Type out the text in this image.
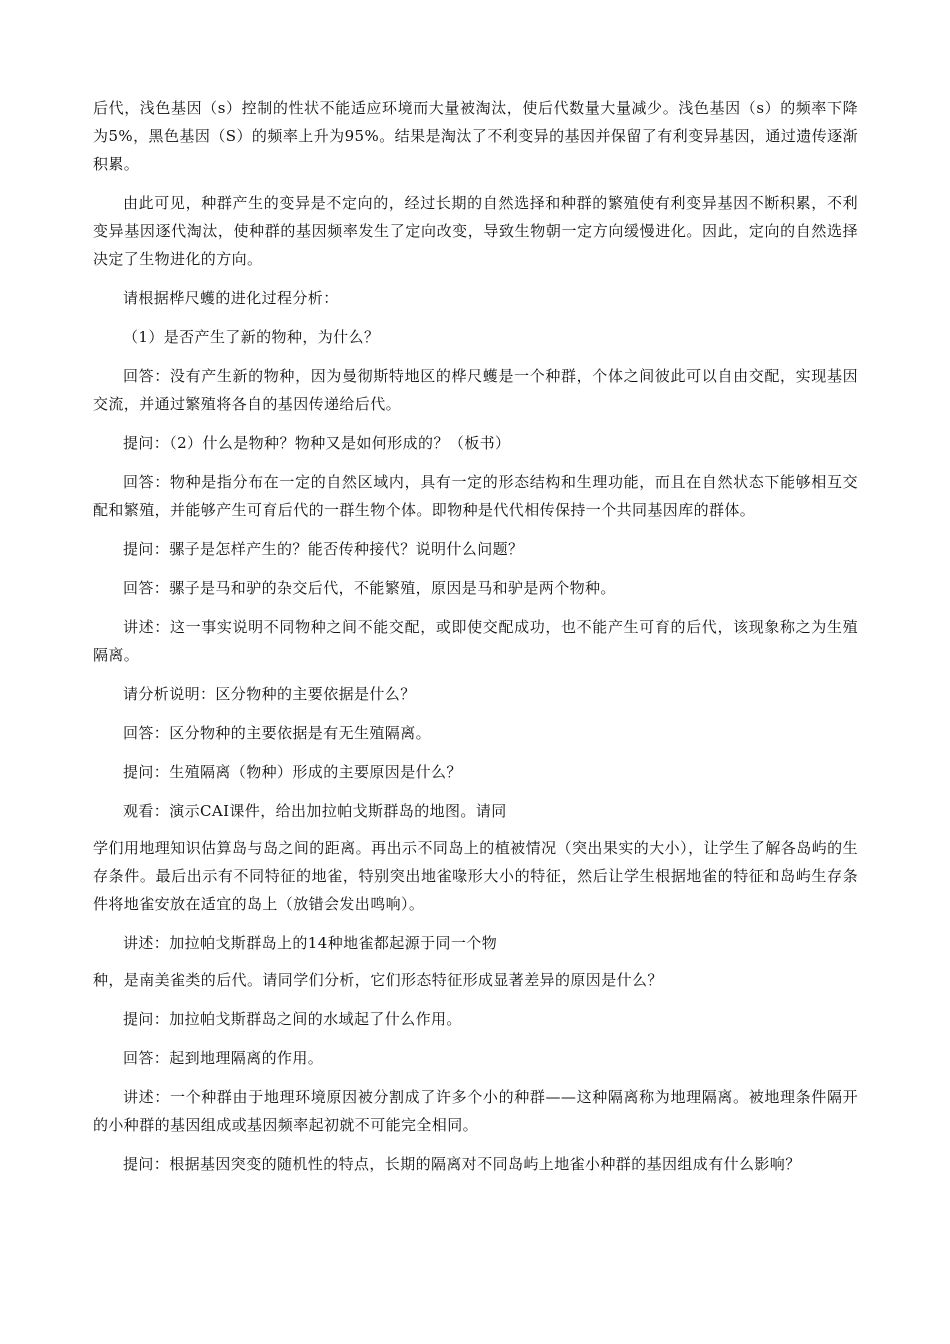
后代，浅色基因（s）控制的性状不能适应环境而大量被淘汰，使后代数量大量减少。浅色基因（s）的频率下降为5%，黑色基因（S）的频率上升为95%。结果是淘汰了不利变异的基因并保留了有利变异基因，通过遗传逐渐积累。

由此可见，种群产生的变异是不定向的，经过长期的自然选择和种群的繁殖使有利变异基因不断积累，不利变异基因逐代淘汰，使种群的基因频率发生了定向改变，导致生物朝一定方向缓慢进化。因此，定向的自然选择决定了生物进化的方向。

请根据桦尺蠖的进化过程分析：

（1）是否产生了新的物种，为什么？

回答：没有产生新的物种，因为曼彻斯特地区的桦尺蠖是一个种群，个体之间彼此可以自由交配，实现基因交流，并通过繁殖将各自的基因传递给后代。

提问：（2）什么是物种？物种又是如何形成的？（板书）

回答：物种是指分布在一定的自然区域内，具有一定的形态结构和生理功能，而且在自然状态下能够相互交配和繁殖，并能够产生可育后代的一群生物个体。即物种是代代相传保持一个共同基因库的群体。

提问：骡子是怎样产生的？能否传种接代？说明什么问题？

回答：骡子是马和驴的杂交后代，不能繁殖，原因是马和驴是两个物种。

讲述：这一事实说明不同物种之间不能交配，或即使交配成功，也不能产生可育的后代，该现象称之为生殖隔离。

请分析说明：区分物种的主要依据是什么？

回答：区分物种的主要依据是有无生殖隔离。

提问：生殖隔离（物种）形成的主要原因是什么？

观看：演示CAI课件，给出加拉帕戈斯群岛的地图。请同

学们用地理知识估算岛与岛之间的距离。再出示不同岛上的植被情况（突出果实的大小），让学生了解各岛屿的生存条件。最后出示有不同特征的地雀，特别突出地雀喙形大小的特征，然后让学生根据地雀的特征和岛屿生存条件将地雀安放在适宜的岛上（放错会发出鸣响）。

讲述：加拉帕戈斯群岛上的14种地雀都起源于同一个物

种，是南美雀类的后代。请同学们分析，它们形态特征形成显著差异的原因是什么？

提问：加拉帕戈斯群岛之间的水域起了什么作用。

回答：起到地理隔离的作用。

讲述：一个种群由于地理环境原因被分割成了许多个小的种群——这种隔离称为地理隔离。被地理条件隔开的小种群的基因组成或基因频率起初就不可能完全相同。

提问：根据基因突变的随机性的特点，长期的隔离对不同岛屿上地雀小种群的基因组成有什么影响？
